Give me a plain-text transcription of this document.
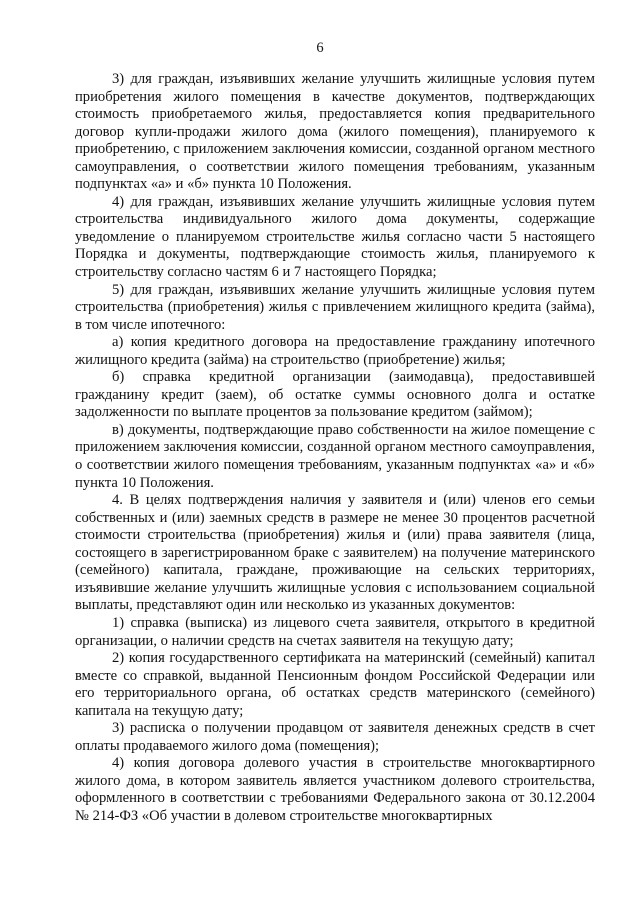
6

3) для граждан, изъявивших желание улучшить жилищные условия путем приобретения жилого помещения в качестве документов, подтверждающих стоимость приобретаемого жилья, предоставляется копия предварительного договор купли-продажи жилого дома (жилого помещения), планируемого к приобретению, с приложением заключения комиссии, созданной органом местного самоуправления, о соответствии жилого помещения требованиям, указанным подпунктах «а» и «б» пункта 10 Положения.

4) для граждан, изъявивших желание улучшить жилищные условия путем строительства индивидуального жилого дома документы, содержащие уведомление о планируемом строительстве жилья согласно части 5 настоящего Порядка и документы, подтверждающие стоимость жилья, планируемого к строительству согласно частям 6 и 7 настоящего Порядка;

5) для граждан, изъявивших желание улучшить жилищные условия путем строительства (приобретения) жилья с привлечением жилищного кредита (займа), в том числе ипотечного:

а) копия кредитного договора на предоставление гражданину ипотечного жилищного кредита (займа) на строительство (приобретение) жилья;

б) справка кредитной организации (заимодавца), предоставившей гражданину кредит (заем), об остатке суммы основного долга и остатке задолженности по выплате процентов за пользование кредитом (займом);

в) документы, подтверждающие право собственности на жилое помещение с приложением заключения комиссии, созданной органом местного самоуправления, о соответствии жилого помещения требованиям, указанным подпунктах «а» и «б» пункта 10 Положения.

4. В целях подтверждения наличия у заявителя и (или) членов его семьи собственных и (или) заемных средств в размере не менее 30 процентов расчетной стоимости строительства (приобретения) жилья и (или) права заявителя (лица, состоящего в зарегистрированном браке с заявителем) на получение материнского (семейного) капитала, граждане, проживающие на сельских территориях, изъявившие желание улучшить жилищные условия с использованием социальной выплаты, представляют один или несколько из указанных документов:

1) справка (выписка) из лицевого счета заявителя, открытого в кредитной организации, о наличии средств на счетах заявителя на текущую дату;

2) копия государственного сертификата на материнский (семейный) капитал вместе со справкой, выданной Пенсионным фондом Российской Федерации или его территориального органа, об остатках средств материнского (семейного) капитала на текущую дату;

3) расписка о получении продавцом от заявителя денежных средств в счет оплаты продаваемого жилого дома (помещения);

4) копия договора долевого участия в строительстве многоквартирного жилого дома, в котором заявитель является участником долевого строительства, оформленного в соответствии с требованиями Федерального закона от 30.12.2004 № 214-ФЗ «Об участии в долевом строительстве многоквартирных
